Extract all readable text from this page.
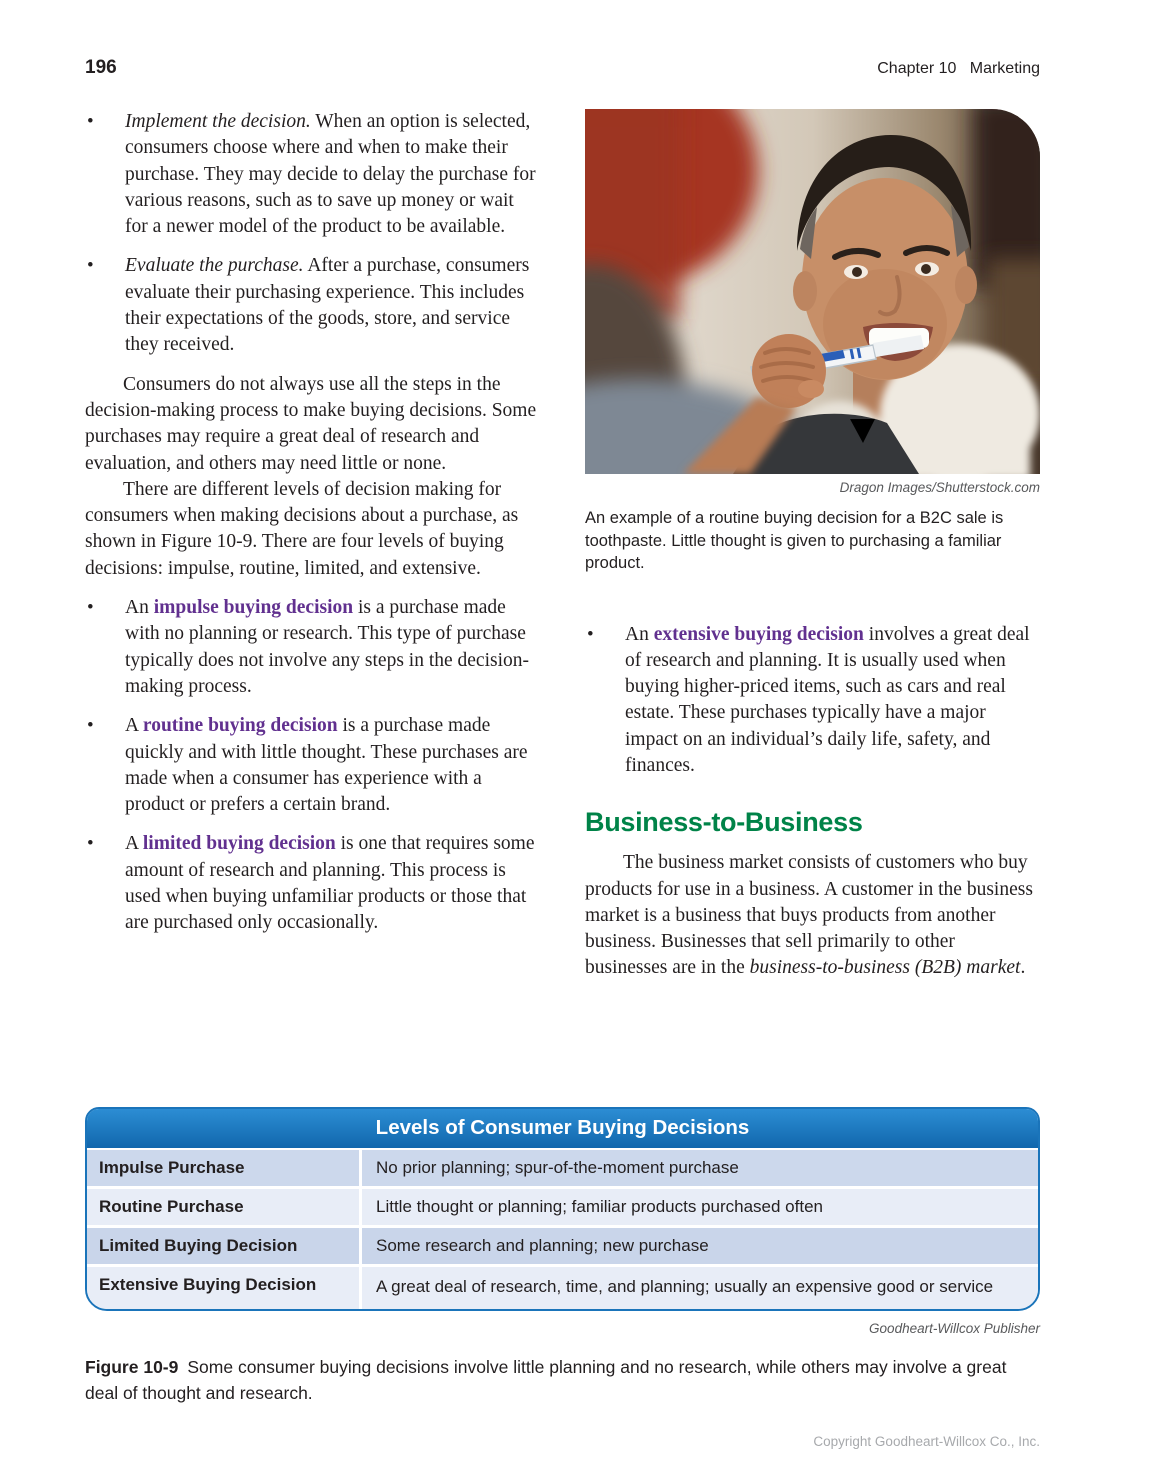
196	Chapter 10   Marketing
•
Implement the decision. When an option is selected, consumers choose where and when to make their purchase. They may decide to delay the purchase for various reasons, such as to save up money or wait for a newer model of the product to be available.
•
Evaluate the purchase. After a purchase, consumers evaluate their purchasing experience. This includes their expectations of the goods, store, and service they received.

Consumers do not always use all the steps in the decision-making process to make buying decisions. Some purchases may require a great deal of research and evaluation, and others may need little or none.

There are different levels of decision making for consumers when making decisions about a purchase, as shown in Figure 10-9. There are four levels of buying decisions: impulse, routine, limited, and extensive.

•
An impulse buying decision is a purchase made with no planning or research. This type of purchase typically does not involve any steps in the decision-making process.
•
A routine buying decision is a purchase made quickly and with little thought. These purchases are made when a consumer has experience with a product or prefers a certain brand.
•
A limited buying decision is one that requires some amount of research and planning. This process is used when buying unfamiliar products or those that are purchased only occasionally.
Dragon Images/Shutterstock.com
An example of a routine buying decision for a B2C sale is toothpaste. Little thought is given to purchasing a familiar product.
•
An extensive buying decision involves a great deal of research and planning. It is usually used when buying higher-priced items, such as cars and real estate. These purchases typically have a major impact on an individual’s daily life, safety, and finances.
Business-to-Business

The business market consists of customers who buy products for use in a business. A customer in the business market is a business that buys products from another business. Businesses that sell primarily to other businesses are in the business-to-business (B2B) market.

Levels of Consumer Buying Decisions
Impulse Purchase	No prior planning; spur-of-the-moment purchase
Routine Purchase	Little thought or planning; familiar products purchased often
Limited Buying Decision	Some research and planning; new purchase
Extensive Buying Decision	A great deal of research, time, and planning; usually an expensive good or service
Goodheart-Willcox Publisher
Figure 10-9 Some consumer buying decisions involve little planning and no research, while others may involve a great deal of thought and research.
Copyright Goodheart-Willcox Co., Inc.
